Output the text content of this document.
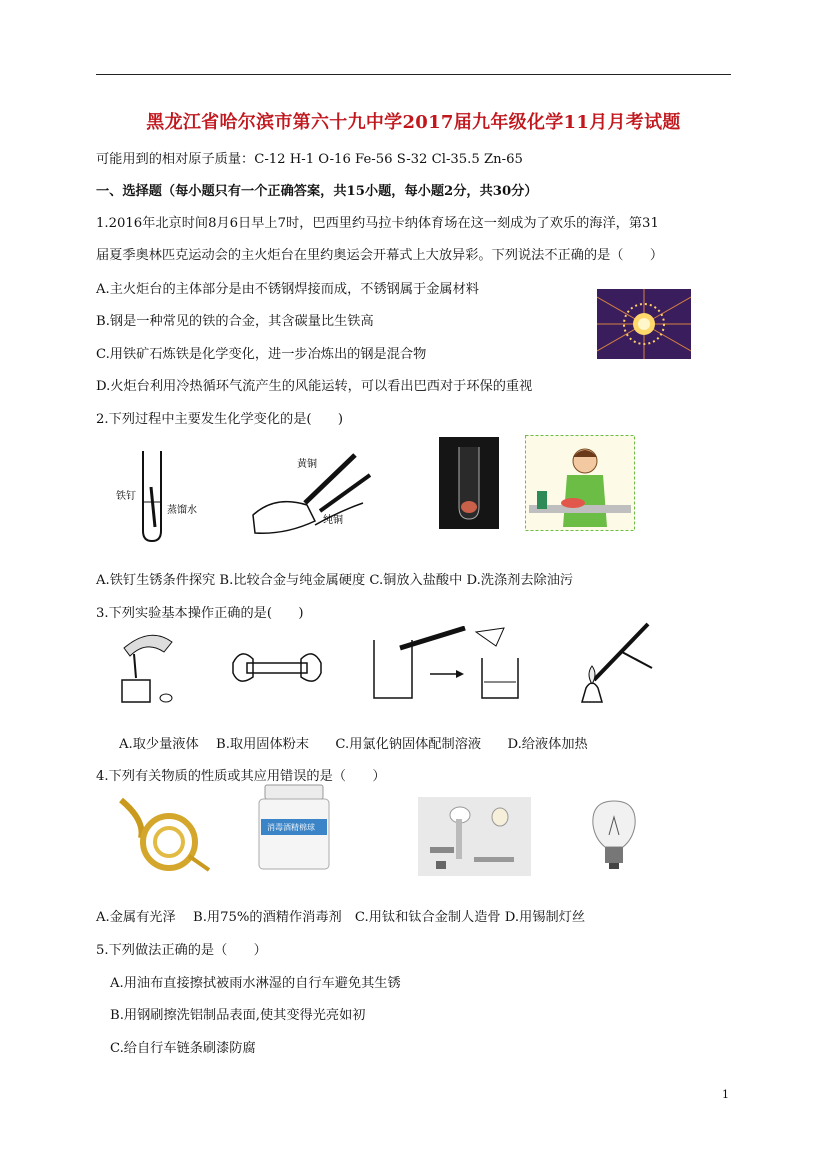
黑龙江省哈尔滨市第六十九中学2017届九年级化学11月月考试题
可能用到的相对原子质量：C-12 H-1 O-16 Fe-56 S-32 Cl-35.5 Zn-65
一、选择题（每小题只有一个正确答案，共15小题，每小题2分，共30分）
1.2016年北京时间8月6日早上7时，巴西里约马拉卡纳体育场在这一刻成为了欢乐的海洋，第31
届夏季奥林匹克运动会的主火炬台在里约奥运会开幕式上大放异彩。下列说法不正确的是（　　）
A.主火炬台的主体部分是由不锈钢焊接而成，不锈钢属于金属材料
B.钢是一种常见的铁的合金，其含碳量比生铁高
C.用铁矿石炼铁是化学变化，进一步冶炼出的钢是混合物
D.火炬台利用冷热循环气流产生的风能运转，可以看出巴西对于环保的重视
2.下列过程中主要发生化学变化的是(　　)
铁钉
蒸馏水
黄铜
纯铜
A.铁钉生锈条件探究 B.比较合金与纯金属硬度 C.铜放入盐酸中 D.洗涤剂去除油污
3.下列实验基本操作正确的是(　　)
A.取少量液体　 B.取用固体粉末　　C.用氯化钠固体配制溶液　　D.给液体加热
4.下列有关物质的性质或其应用错误的是（　　）
消毒酒精棉球
A.金属有光泽　 B.用75%的酒精作消毒剂　C.用钛和钛合金制人造骨 D.用锡制灯丝
5.下列做法正确的是（　　）
A.用油布直接擦拭被雨水淋湿的自行车避免其生锈
B.用钢刷擦洗铝制品表面,使其变得光亮如初
C.给自行车链条刷漆防腐
1
